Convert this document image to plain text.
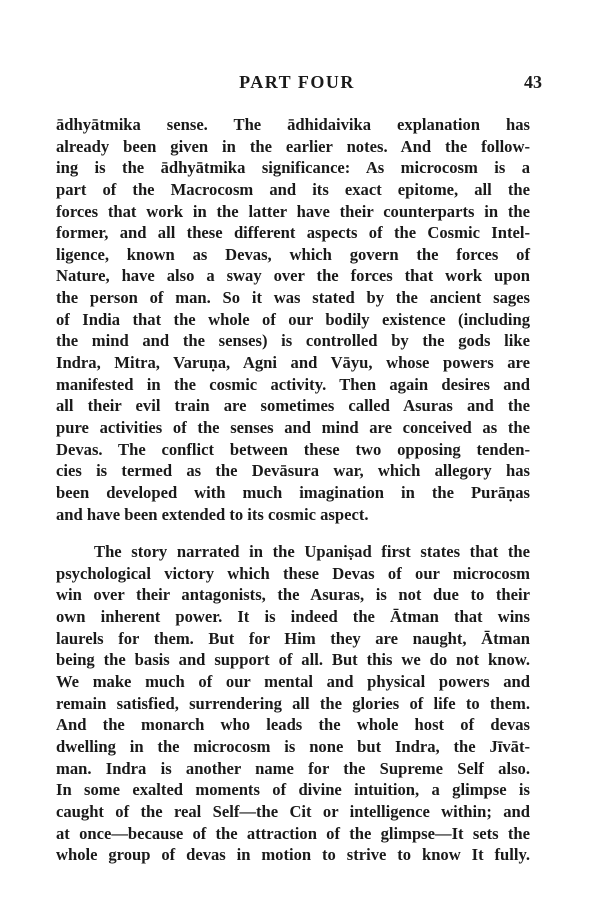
PART FOUR	43
ādhyātmika sense. The ādhidaivika explanation has
already been given in the earlier notes. And the follow-
ing is the ādhyātmika significance: As microcosm is a
part of the Macrocosm and its exact epitome, all the
forces that work in the latter have their counterparts in the
former, and all these different aspects of the Cosmic Intel-
ligence, known as Devas, which govern the forces of
Nature, have also a sway over the forces that work upon
the person of man. So it was stated by the ancient sages
of India that the whole of our bodily existence (including
the mind and the senses) is controlled by the gods like
Indra, Mitra, Varuṇa, Agni and Vāyu, whose powers are
manifested in the cosmic activity. Then again desires and
all their evil train are sometimes called Asuras and the
pure activities of the senses and mind are conceived as the
Devas. The conflict between these two opposing tenden-
cies is termed as the Devāsura war, which allegory has
been developed with much imagination in the Purāṇas
and have been extended to its cosmic aspect.
The story narrated in the Upaniṣad first states that the
psychological victory which these Devas of our microcosm
win over their antagonists, the Asuras, is not due to their
own inherent power. It is indeed the Ātman that wins
laurels for them. But for Him they are naught, Ātman
being the basis and support of all. But this we do not know.
We make much of our mental and physical powers and
remain satisfied, surrendering all the glories of life to them.
And the monarch who leads the whole host of devas
dwelling in the microcosm is none but Indra, the Jīvāt-
man. Indra is another name for the Supreme Self also.
In some exalted moments of divine intuition, a glimpse is
caught of the real Self—the Cit or intelligence within; and
at once—because of the attraction of the glimpse—It sets the
whole group of devas in motion to strive to know It fully.
